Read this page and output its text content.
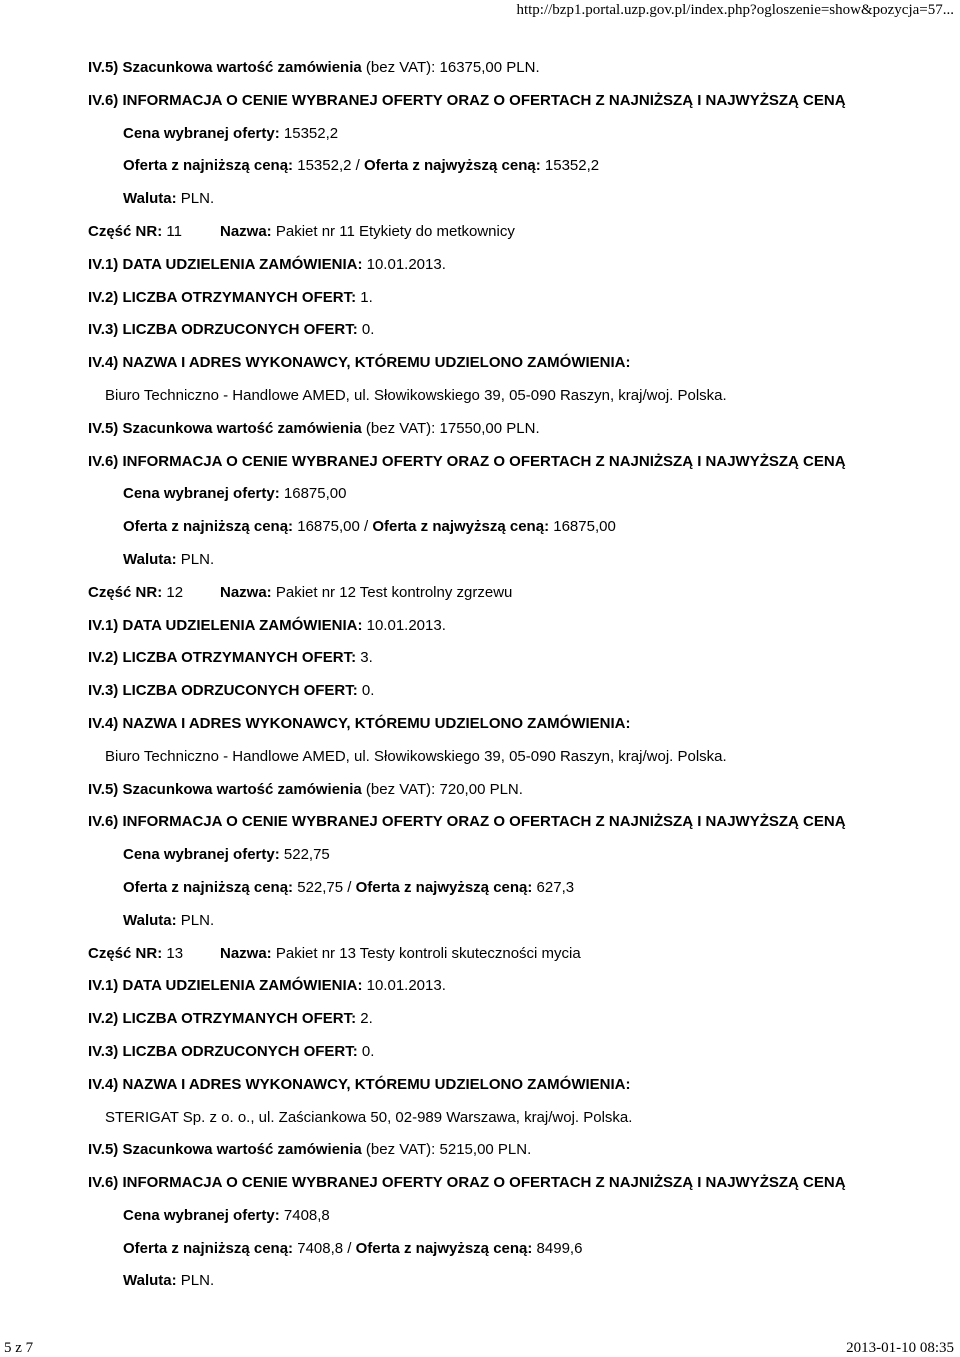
http://bzp1.portal.uzp.gov.pl/index.php?ogloszenie=show&pozycja=57...
IV.5) Szacunkowa wartość zamówienia (bez VAT): 16375,00 PLN.
IV.6) INFORMACJA O CENIE WYBRANEJ OFERTY ORAZ O OFERTACH Z NAJNIŻSZĄ I NAJWYŻSZĄ CENĄ
Cena wybranej oferty: 15352,2
Oferta z najniższą ceną: 15352,2 / Oferta z najwyższą ceną: 15352,2
Waluta: PLN.
Część NR: 11	Nazwa: Pakiet nr 11 Etykiety do metkownicy
IV.1) DATA UDZIELENIA ZAMÓWIENIA: 10.01.2013.
IV.2) LICZBA OTRZYMANYCH OFERT: 1.
IV.3) LICZBA ODRZUCONYCH OFERT: 0.
IV.4) NAZWA I ADRES WYKONAWCY, KTÓREMU UDZIELONO ZAMÓWIENIA:
Biuro Techniczno - Handlowe AMED, ul. Słowikowskiego 39, 05-090 Raszyn, kraj/woj. Polska.
IV.5) Szacunkowa wartość zamówienia (bez VAT): 17550,00 PLN.
IV.6) INFORMACJA O CENIE WYBRANEJ OFERTY ORAZ O OFERTACH Z NAJNIŻSZĄ I NAJWYŻSZĄ CENĄ
Cena wybranej oferty: 16875,00
Oferta z najniższą ceną: 16875,00 / Oferta z najwyższą ceną: 16875,00
Waluta: PLN.
Część NR: 12 Nazwa: Pakiet nr 12 Test kontrolny zgrzewu
IV.1) DATA UDZIELENIA ZAMÓWIENIA: 10.01.2013.
IV.2) LICZBA OTRZYMANYCH OFERT: 3.
IV.3) LICZBA ODRZUCONYCH OFERT: 0.
IV.4) NAZWA I ADRES WYKONAWCY, KTÓREMU UDZIELONO ZAMÓWIENIA:
Biuro Techniczno - Handlowe AMED, ul. Słowikowskiego 39, 05-090 Raszyn, kraj/woj. Polska.
IV.5) Szacunkowa wartość zamówienia (bez VAT): 720,00 PLN.
IV.6) INFORMACJA O CENIE WYBRANEJ OFERTY ORAZ O OFERTACH Z NAJNIŻSZĄ I NAJWYŻSZĄ CENĄ
Cena wybranej oferty: 522,75
Oferta z najniższą ceną: 522,75 / Oferta z najwyższą ceną: 627,3
Waluta: PLN.
Część NR: 13 Nazwa: Pakiet nr 13 Testy kontroli skuteczności mycia
IV.1) DATA UDZIELENIA ZAMÓWIENIA: 10.01.2013.
IV.2) LICZBA OTRZYMANYCH OFERT: 2.
IV.3) LICZBA ODRZUCONYCH OFERT: 0.
IV.4) NAZWA I ADRES WYKONAWCY, KTÓREMU UDZIELONO ZAMÓWIENIA:
STERIGAT Sp. z o. o., ul. Zaściankowa 50, 02-989 Warszawa, kraj/woj. Polska.
IV.5) Szacunkowa wartość zamówienia (bez VAT): 5215,00 PLN.
IV.6) INFORMACJA O CENIE WYBRANEJ OFERTY ORAZ O OFERTACH Z NAJNIŻSZĄ I NAJWYŻSZĄ CENĄ
Cena wybranej oferty: 7408,8
Oferta z najniższą ceną: 7408,8 / Oferta z najwyższą ceną: 8499,6
Waluta: PLN.
5 z 7	2013-01-10 08:35
